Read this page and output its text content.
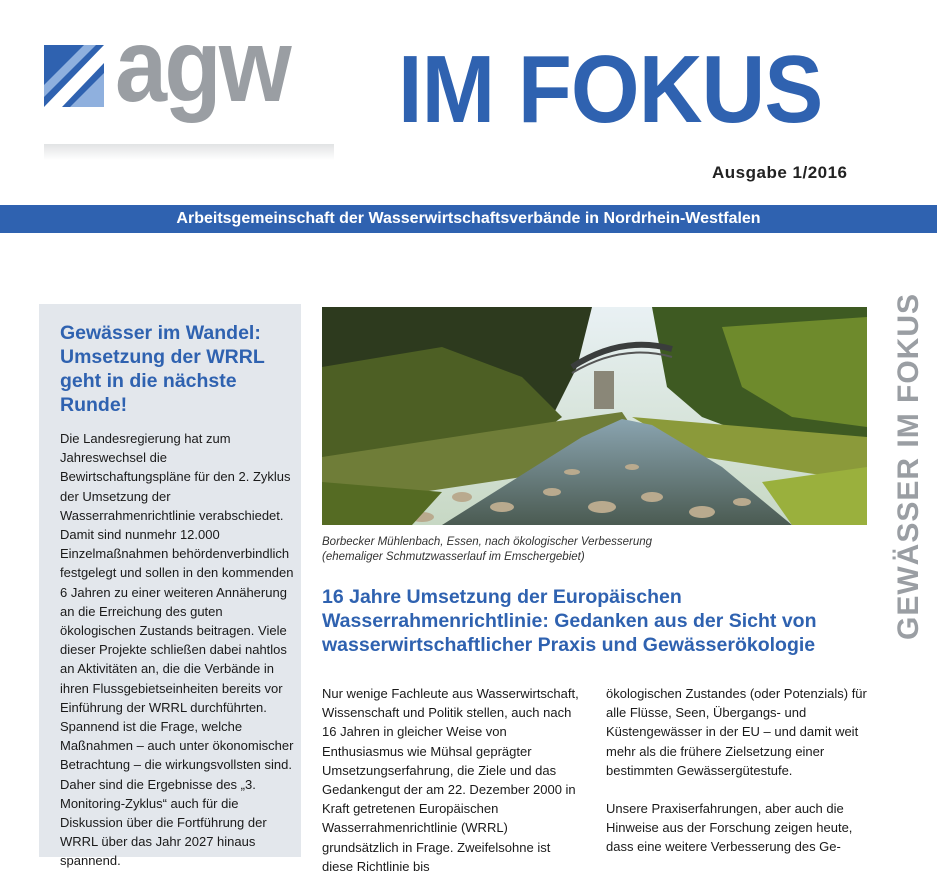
agw IM FOKUS
Ausgabe 1/2016
Arbeitsgemeinschaft der Wasserwirtschaftsverbände in Nordrhein-Westfalen
Gewässer im Wandel: Umsetzung der WRRL geht in die nächste Runde!
Die Landesregierung hat zum Jahreswechsel die Bewirtschaftungspläne für den 2. Zyklus der Umsetzung der Wasserrahmenrichtlinie verabschiedet. Damit sind nunmehr 12.000 Einzelmaßnahmen behördenverbindlich festgelegt und sollen in den kommenden 6 Jahren zu einer weiteren Annäherung an die Erreichung des guten ökologischen Zustands beitragen. Viele dieser Projekte schließen dabei nahtlos an Aktivitäten an, die die Verbände in ihren Flussgebietseinheiten bereits vor Einführung der WRRL durchführten. Spannend ist die Frage, welche Maßnahmen – auch unter ökonomischer Betrachtung – die wirkungsvollsten sind. Daher sind die Ergebnisse des „3. Monitoring-Zyklus“ auch für die Diskussion über die Fortführung der WRRL über das Jahr 2027 hinaus spannend.
Borbecker Mühlenbach, Essen, nach ökologischer Verbesserung
(ehemaliger Schmutzwasserlauf im Emschergebiet)
16 Jahre Umsetzung der Europäischen Wasserrahmenrichtlinie: Gedanken aus der Sicht von wasserwirtschaftlicher Praxis und Gewässerökologie
Nur wenige Fachleute aus Wasserwirtschaft, Wissenschaft und Politik stellen, auch nach 16 Jahren in gleicher Weise von Enthusiasmus wie Mühsal geprägter Umsetzungserfahrung, die Ziele und das Gedankengut der am 22. Dezember 2000 in Kraft getretenen Europäischen Wasserrahmenrichtlinie (WRRL) grundsätzlich in Frage. Zweifelsohne ist diese Richtlinie bis
ökologischen Zustandes (oder Potenzials) für alle Flüsse, Seen, Übergangs- und Küstengewässer in der EU – und damit weit mehr als die frühere Zielsetzung einer bestimmten Gewässergütestufe.
Unsere Praxiserfahrungen, aber auch die Hinweise aus der Forschung zeigen heute, dass eine weitere Verbesserung des Ge-
GEWÄSSER IM FOKUS
